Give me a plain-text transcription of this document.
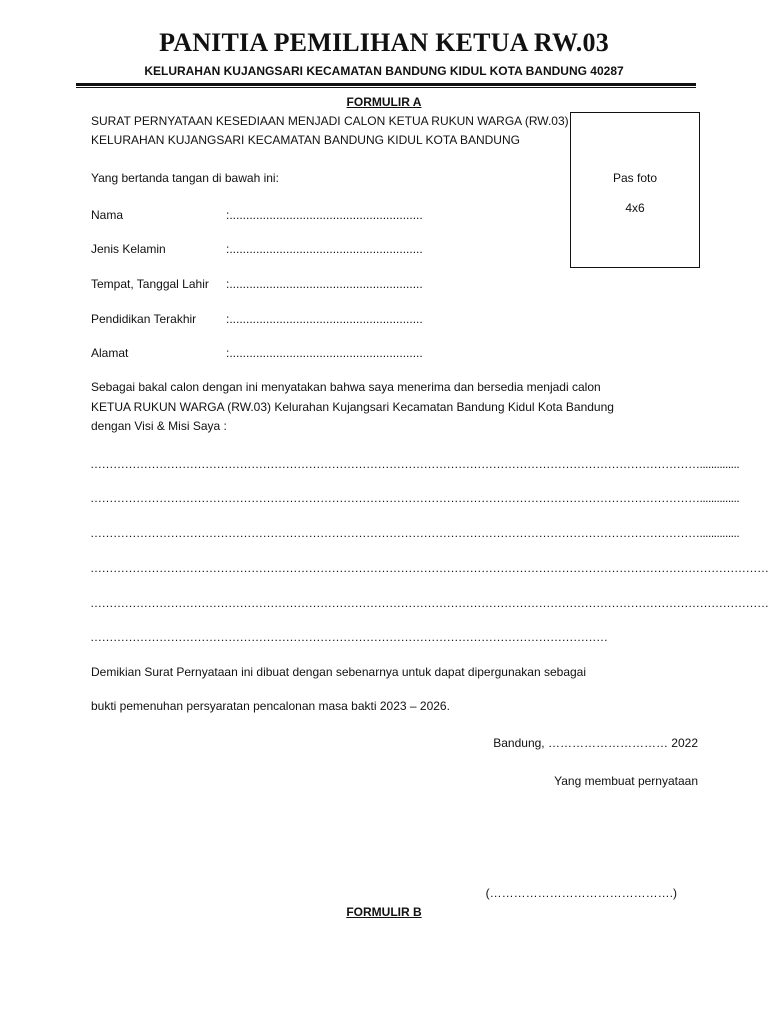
PANITIA PEMILIHAN KETUA RW.03
KELURAHAN KUJANGSARI KECAMATAN BANDUNG KIDUL KOTA BANDUNG 40287
FORMULIR A
SURAT PERNYATAAN KESEDIAAN MENJADI CALON KETUA RUKUN WARGA (RW.03)
KELURAHAN KUJANGSARI KECAMATAN BANDUNG KIDUL KOTA BANDUNG
Pas foto
4x6
Yang bertanda tangan di bawah ini:
Nama	:..........................................................
Jenis Kelamin	:..........................................................
Tempat, Tanggal Lahir :..........................................................
Pendidikan Terakhir :..........................................................
Alamat	:..........................................................
Sebagai bakal calon dengan ini menyatakan bahwa saya menerima dan bersedia menjadi calon
KETUA RUKUN WARGA (RW.03) Kelurahan Kujangsari Kecamatan Bandung Kidul Kota Bandung
dengan Visi & Misi Saya :
……………………………………………………………………………………………………………………………………………..............
……………………………………………………………………………………………………………………………………………..............
……………………………………………………………………………………………………………………………………………..............
……………………………………………………………………………………………………………………………………………………………
……………………………………………………………………………………………………………………………………………………………
………………………………………………………………………………………………………………………
Demikian Surat Pernyataan ini dibuat dengan sebenarnya untuk dapat dipergunakan sebagai
bukti pemenuhan persyaratan pencalonan masa bakti 2023 – 2026.
Bandung, ………………………… 2022
Yang membuat pernyataan
(……………………………………….)
FORMULIR B
